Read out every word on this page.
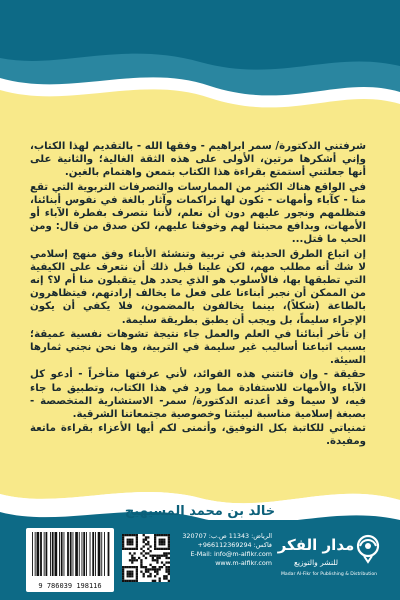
شرفتني الدكتورة/ سمر ابراهيم - وفقها الله - بالتقديم لهذا الكتاب، وإني أشكرها مرتين، الأولى على هذه الثقة الغالية؛ والثانية على أنها جعلتني أستمتع بقراءة هذا الكتاب بتمعن واهتمام بالغين.

في الواقع هناك الكثير من الممارسات والتصرفات التربوية التي تقع منا - كآباء وأمهات - تكون لها تراكمات وآثار بالغة في نفوس أبنائنا، فنظلمهم ونجور عليهم دون أن نعلم، لأننا نتصرف بفطرة الآباء أو الأمهات، وبدافع محبتنا لهم وخوفنا عليهم، لكن صدق من قال: ومن الحب ما قتل...

إن اتباع الطرق الحديثة في تربية وتنشئة الأبناء وفق منهج إسلامي لا شك أنه مطلب مهم، لكن علينا قبل ذلك أن نتعرف على الكيفية التي تطبقها بها، فالأسلوب هو الذي يحدد هل يتقبلون منا أم لا؟ إنه من الممكن أن نجبر أبناءنا على فعل ما يخالف إرادتهم، فيتظاهرون بالطاعة (شكلاً)، بينما يخالفون بالمضمون، فلا يكفي أن يكون الإجراء سليماً، بل ويجب أن يطبق بطريقة سليمة.

إن تأخر أبنائنا في العلم والعمل جاء نتيجة تشوهات نفسية عميقة؛ بسبب اتباعنا أساليب غير سليمة في التربية، وها نحن نجني ثمارها السيئة.

حقيقة - وإن فاتتني هذه الفوائد، لأني عرفتها متأخراً - أدعو كل الآباء والأمهات للاستفادة مما ورد في هذا الكتاب، وتطبيق ما جاء فيه، لا سيما وقد أعدته الدكتورة/ سمر- الاستشارية المتخصصة - بصبغة إسلامية مناسبة لبيئتنا وخصوصية مجتمعاتنا الشرقية.

تمنياتي للكاتبة بكل التوفيق، وأتمنى لكم أيها الأعزاء بقراءة ماتعة ومفيدة.

خالد بن محمد المسيهيج
9 786039 198116
الرياض: 11343 ص.ب: 320707
فاكس: 966112369294+
E-Mail: info@m-alfikr.com
www.m-alfikr.com
مدار الفكر
للنشر والتوزيع
Madar Al-Fikr for Publishing & Distribution
